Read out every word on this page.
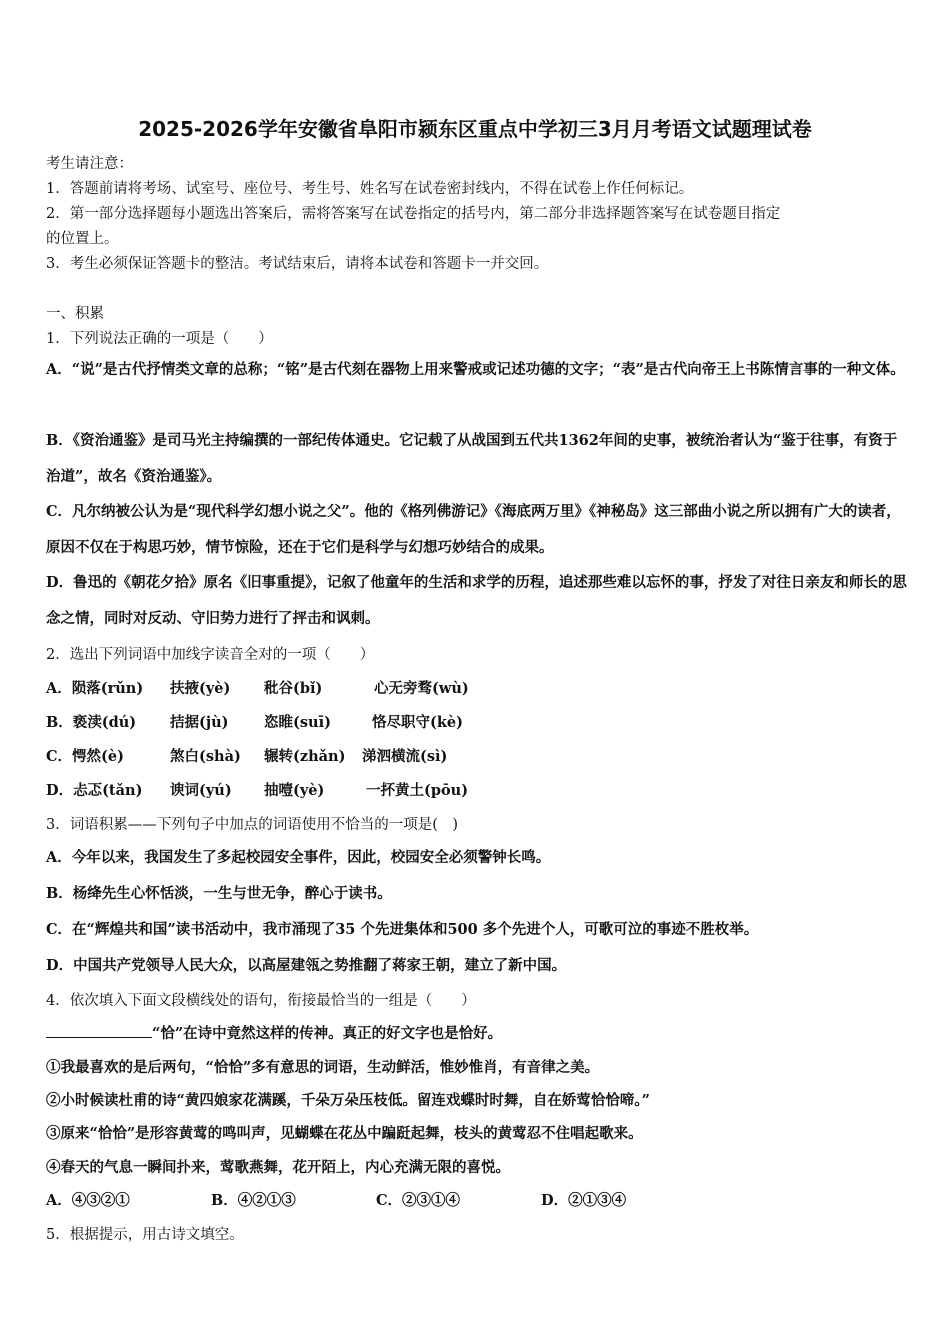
2025-2026学年安徽省阜阳市颍东区重点中学初三3月月考语文试题理试卷
考生请注意：
1．答题前请将考场、试室号、座位号、考生号、姓名写在试卷密封线内，不得在试卷上作任何标记。
2．第一部分选择题每小题选出答案后，需将答案写在试卷指定的括号内，第二部分非选择题答案写在试卷题目指定
的位置上。
3．考生必须保证答题卡的整洁。考试结束后，请将本试卷和答题卡一并交回。
一、积累
1．下列说法正确的一项是（　　）
A．“说”是古代抒情类文章的总称；“铭”是古代刻在器物上用来警戒或记述功德的文字；“表”是古代向帝王上书陈情言事的一种文体。
B．《资治通鉴》是司马光主持编撰的一部纪传体通史。它记载了从战国到五代共1362年间的史事，被统治者认为“鉴于往事，有资于治道”，故名《资治通鉴》。
C．凡尔纳被公认为是“现代科学幻想小说之父”。他的《格列佛游记》《海底两万里》《神秘岛》这三部曲小说之所以拥有广大的读者，原因不仅在于构思巧妙，情节惊险，还在于它们是科学与幻想巧妙结合的成果。
D．鲁迅的《朝花夕拾》原名《旧事重提》，记叙了他童年的生活和求学的历程，追述那些难以忘怀的事，抒发了对往日亲友和师长的思念之情，同时对反动、守旧势力进行了抨击和讽刺。
2．选出下列词语中加线字读音全对的一项（　　）
A．陨落(rǔn) 扶掖(yè) 秕谷(bǐ)	心无旁骛(wù)
B．亵渎(dú) 拮据(jù) 恣睢(suī)	恪尽职守(kè)
C．愕然(è)	煞白(shà) 辗转(zhǎn) 涕泗横流(sì)
D．忐忑(tǎn) 谀词(yú) 抽噎(yè)	一抔黄土(pōu)
3．词语积累——下列句子中加点的词语使用不恰当的一项是(　)
A．今年以来，我国发生了多起校园安全事件，因此，校园安全必须警钟长鸣。
B．杨绛先生心怀恬淡，一生与世无争，醉心于读书。
C．在“辉煌共和国”读书活动中，我市涌现了35 个先进集体和500 多个先进个人，可歌可泣的事迹不胜枚举。
D．中国共产党领导人民大众，以高屋建瓴之势推翻了蒋家王朝，建立了新中国。
4．依次填入下面文段横线处的语句，衔接最恰当的一组是（　　）
“恰”在诗中竟然这样的传神。真正的好文字也是恰好。
①我最喜欢的是后两句，“恰恰”多有意思的词语，生动鲜活，惟妙惟肖，有音律之美。
②小时候读杜甫的诗“黄四娘家花满蹊，千朵万朵压枝低。留连戏蝶时时舞，自在娇莺恰恰啼。”
③原来“恰恰”是形容黄莺的鸣叫声，见蝴蝶在花丛中蹁跹起舞，枝头的黄莺忍不住唱起歌来。
④春天的气息一瞬间扑来，莺歌燕舞，花开陌上，内心充满无限的喜悦。
A．④③②①	B．④②①③	C．②③①④	D．②①③④
5．根据提示，用古诗文填空。
